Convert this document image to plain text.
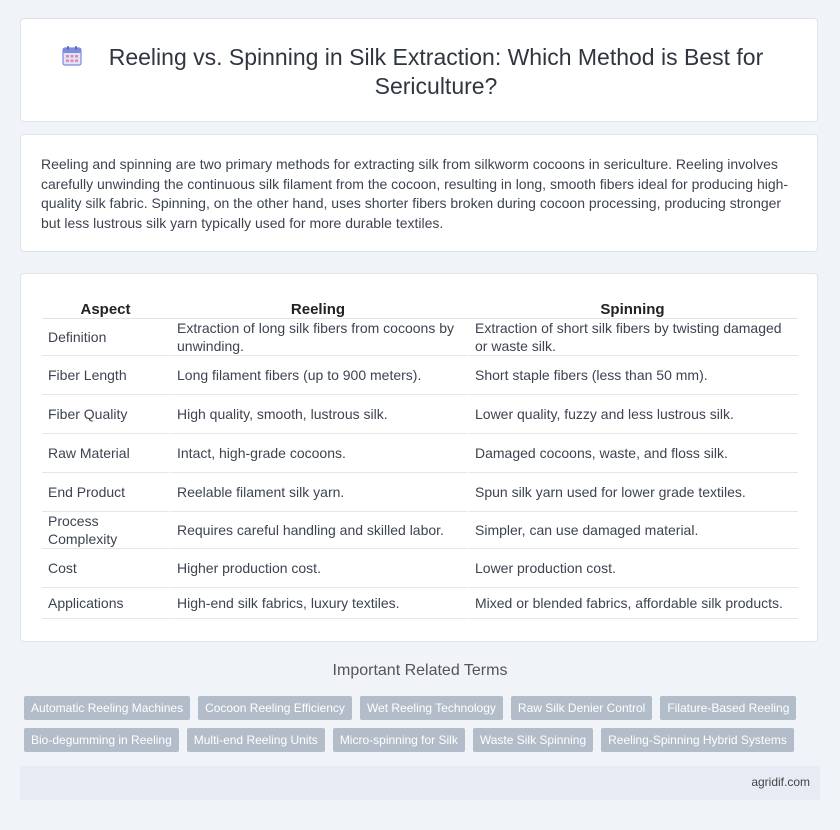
Reeling vs. Spinning in Silk Extraction: Which Method is Best for Sericulture?

Reeling and spinning are two primary methods for extracting silk from silkworm cocoons in sericulture. Reeling involves carefully unwinding the continuous silk filament from the cocoon, resulting in long, smooth fibers ideal for producing high-quality silk fabric. Spinning, on the other hand, uses shorter fibers broken during cocoon processing, producing stronger but less lustrous silk yarn typically used for more durable textiles.

Aspect	Reeling	Spinning
Definition	Extraction of long silk fibers from cocoons by unwinding.	Extraction of short silk fibers by twisting damaged or waste silk.
Fiber Length	Long filament fibers (up to 900 meters).	Short staple fibers (less than 50 mm).
Fiber Quality	High quality, smooth, lustrous silk.	Lower quality, fuzzy and less lustrous silk.
Raw Material	Intact, high-grade cocoons.	Damaged cocoons, waste, and floss silk.
End Product	Reelable filament silk yarn.	Spun silk yarn used for lower grade textiles.
Process Complexity	Requires careful handling and skilled labor.	Simpler, can use damaged material.
Cost	Higher production cost.	Lower production cost.
Applications	High-end silk fabrics, luxury textiles.	Mixed or blended fabrics, affordable silk products.
Important Related Terms
Automatic Reeling Machines	Cocoon Reeling Efficiency	Wet Reeling Technology	Raw Silk Denier Control	Filature-Based Reeling
Bio-degumming in Reeling	Multi-end Reeling Units	Micro-spinning for Silk	Waste Silk Spinning	Reeling-Spinning Hybrid Systems
agridif.com
